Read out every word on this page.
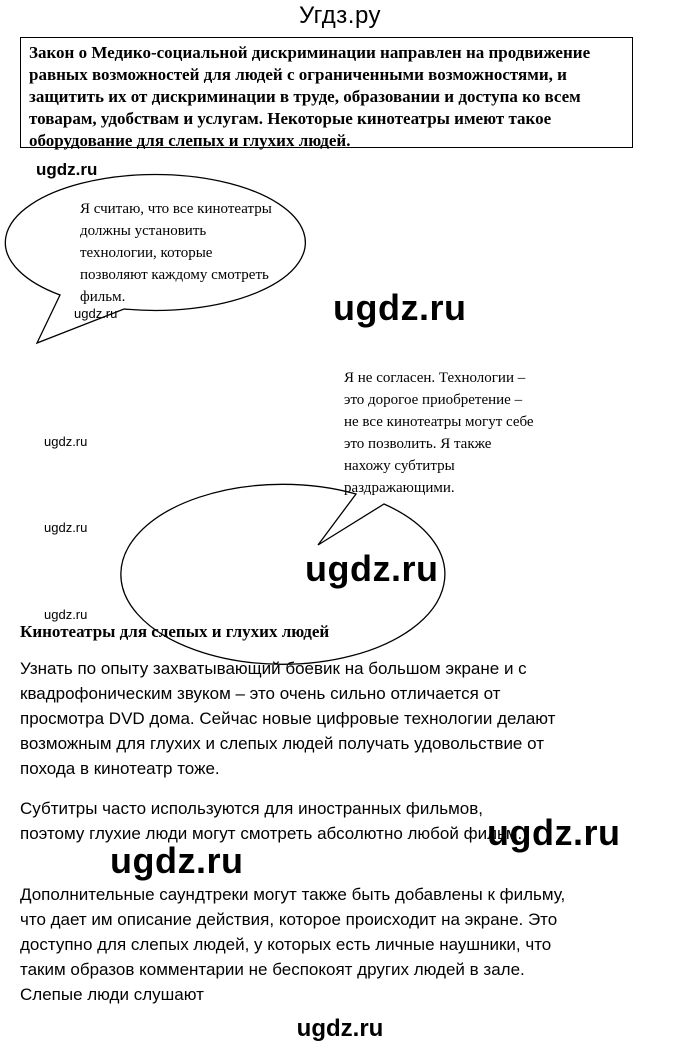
Угдз.ру
Закон о Медико-социальной дискриминации направлен на продвижение равных возможностей для людей с ограниченными возможностями, и защитить их от дискриминации в труде, образовании и доступа ко всем товарам, удобствам и услугам. Некоторые кинотеатры имеют такое оборудование для слепых и глухих людей.
ugdz.ru
Я считаю, что все кинотеатры
должны установить
технологии, которые
позволяют каждому смотреть
фильм.
ugdz.ru	ugdz.ru
Я не согласен. Технологии –
это дорогое приобретение –
не все кинотеатры могут себе
это позволить. Я также
нахожу субтитры
раздражающими.
ugdz.ru
ugdz.ru
ugdz.ru
ugdz.ru
Кинотеатры для слепых и глухих людей
Узнать по опыту захватывающий боевик на большом экране и с квадрофоническим звуком – это очень сильно отличается от просмотра DVD дома. Сейчас новые цифровые технологии делают возможным для глухих и слепых людей получать удовольствие от похода в кинотеатр тоже.
Субтитры часто используются для иностранных фильмов, поэтому глухие люди могут смотреть абсолютно любой фильм.
Дополнительные саундтреки могут также быть добавлены к фильму, что дает им описание действия, которое происходит на экране. Это доступно для слепых людей, у которых есть личные наушники, что таким образов комментарии не беспокоят других людей в зале. Слепые люди слушают
ugdz.ru
ugdz.ru
ugdz.ru
